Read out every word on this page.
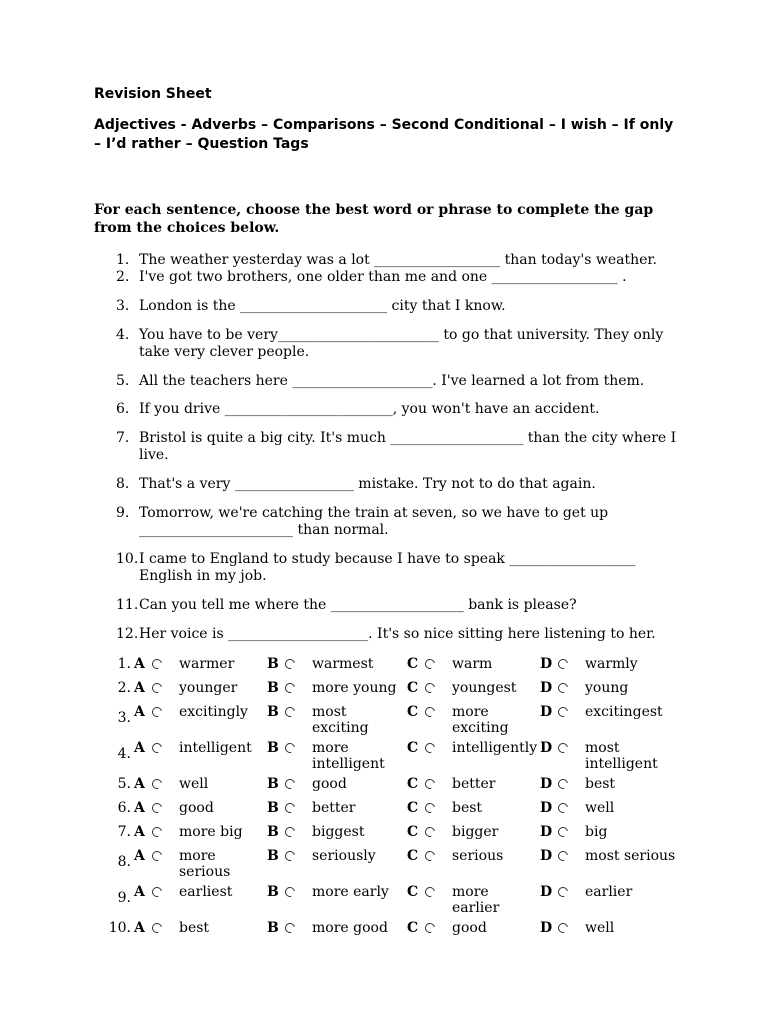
Revision Sheet
Adjectives - Adverbs – Comparisons – Second Conditional – I wish – If only – I’d rather – Question Tags
For each sentence, choose the best word or phrase to complete the gap from the choices below.
1. The weather yesterday was a lot __________________ than today's weather.
2. I've got two brothers, one older than me and one __________________ .
3. London is the _____________________ city that I know.
4. You have to be very_______________________ to go that university. They only take very clever people.
5. All the teachers here ____________________. I've learned a lot from them.
6. If you drive ________________________, you won't have an accident.
7. Bristol is quite a big city. It's much ___________________ than the city where I live.
8. That's a very _________________ mistake. Try not to do that again.
9. Tomorrow, we're catching the train at seven, so we have to get up ______________________ than normal.
10. I came to England to study because I have to speak __________________ English in my job.
11. Can you tell me where the ___________________ bank is please?
12. Her voice is ____________________. It's so nice sitting here listening to her.
1.	A		warmer	B		warmest	C		warm	D		warmly
2.	A		younger	B		more young	C		youngest	D		young
3.	A		excitingly	B		most exciting	C		more exciting	D		excitingest
4.	A		intelligent	B		more intelligent	C		intelligently	D		most intelligent
5.	A		well	B		good	C		better	D		best
6.	A		good	B		better	C		best	D		well
7.	A		more big	B		biggest	C		bigger	D		big
8.	A		more serious	B		seriously	C		serious	D		most serious
9.	A		earliest	B		more early	C		more earlier	D		earlier
10.	A		best	B		more good	C		good	D		well
